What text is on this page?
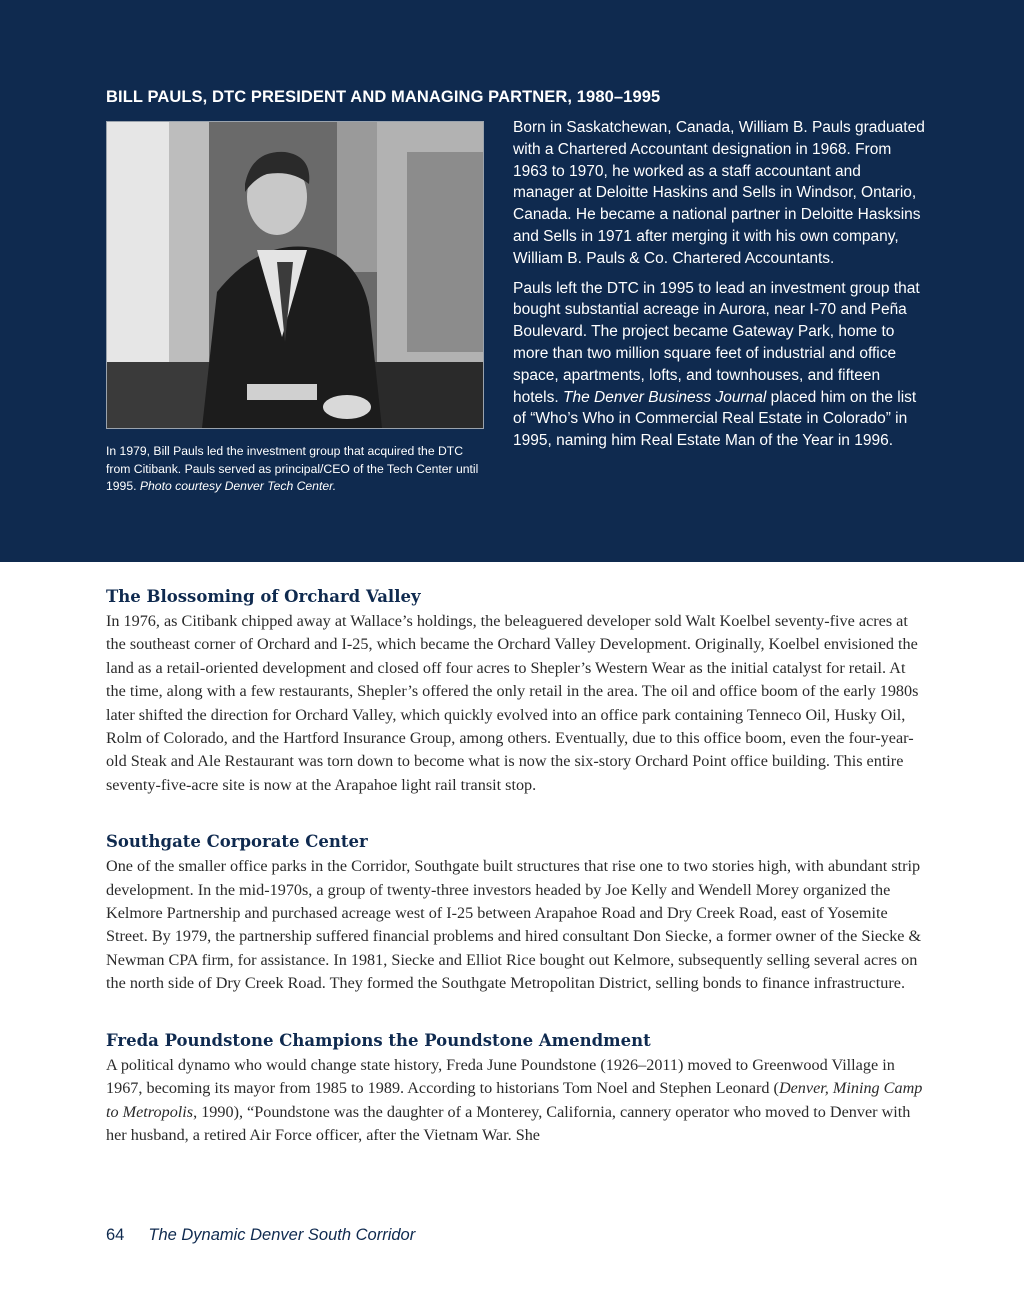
BILL PAULS, DTC PRESIDENT AND MANAGING PARTNER, 1980–1995

In 1979, Bill Pauls led the investment group that acquired the DTC from Citibank. Pauls served as principal/CEO of the Tech Center until 1995. Photo courtesy Denver Tech Center.

Born in Saskatchewan, Canada, William B. Pauls graduated with a Chartered Accountant designation in 1968. From 1963 to 1970, he worked as a staff accountant and manager at Deloitte Haskins and Sells in Windsor, Ontario, Canada. He became a national partner in Deloitte Hasksins and Sells in 1971 after merging it with his own company, William B. Pauls & Co. Chartered Accountants.

Pauls left the DTC in 1995 to lead an investment group that bought substantial acreage in Aurora, near I-70 and Peña Boulevard. The project became Gateway Park, home to more than two million square feet of industrial and office space, apartments, lofts, and townhouses, and fifteen hotels. The Denver Business Journal placed him on the list of “Who’s Who in Commercial Real Estate in Colorado” in 1995, naming him Real Estate Man of the Year in 1996.

The Blossoming of Orchard Valley

In 1976, as Citibank chipped away at Wallace’s holdings, the beleaguered developer sold Walt Koelbel seventy-five acres at the southeast corner of Orchard and I-25, which became the Orchard Valley Development. Originally, Koelbel envisioned the land as a retail-oriented development and closed off four acres to Shepler’s Western Wear as the initial catalyst for retail. At the time, along with a few restaurants, Shepler’s offered the only retail in the area. The oil and office boom of the early 1980s later shifted the direction for Orchard Valley, which quickly evolved into an office park containing Tenneco Oil, Husky Oil, Rolm of Colorado, and the Hartford Insurance Group, among others. Eventually, due to this office boom, even the four-year-old Steak and Ale Restaurant was torn down to become what is now the six-story Orchard Point office building. This entire seventy-five-acre site is now at the Arapahoe light rail transit stop.

Southgate Corporate Center

One of the smaller office parks in the Corridor, Southgate built structures that rise one to two stories high, with abundant strip development. In the mid-1970s, a group of twenty-three investors headed by Joe Kelly and Wendell Morey organized the Kelmore Partnership and purchased acreage west of I-25 between Arapahoe Road and Dry Creek Road, east of Yosemite Street. By 1979, the partnership suffered financial problems and hired consultant Don Siecke, a former owner of the Siecke & Newman CPA firm, for assistance. In 1981, Siecke and Elliot Rice bought out Kelmore, subsequently selling several acres on the north side of Dry Creek Road. They formed the Southgate Metropolitan District, selling bonds to finance infrastructure.

Freda Poundstone Champions the Poundstone Amendment

A political dynamo who would change state history, Freda June Poundstone (1926–2011) moved to Greenwood Village in 1967, becoming its mayor from 1985 to 1989. According to historians Tom Noel and Stephen Leonard (Denver, Mining Camp to Metropolis, 1990), “Poundstone was the daughter of a Monterey, California, cannery operator who moved to Denver with her husband, a retired Air Force officer, after the Vietnam War. She

64 The Dynamic Denver South Corridor
